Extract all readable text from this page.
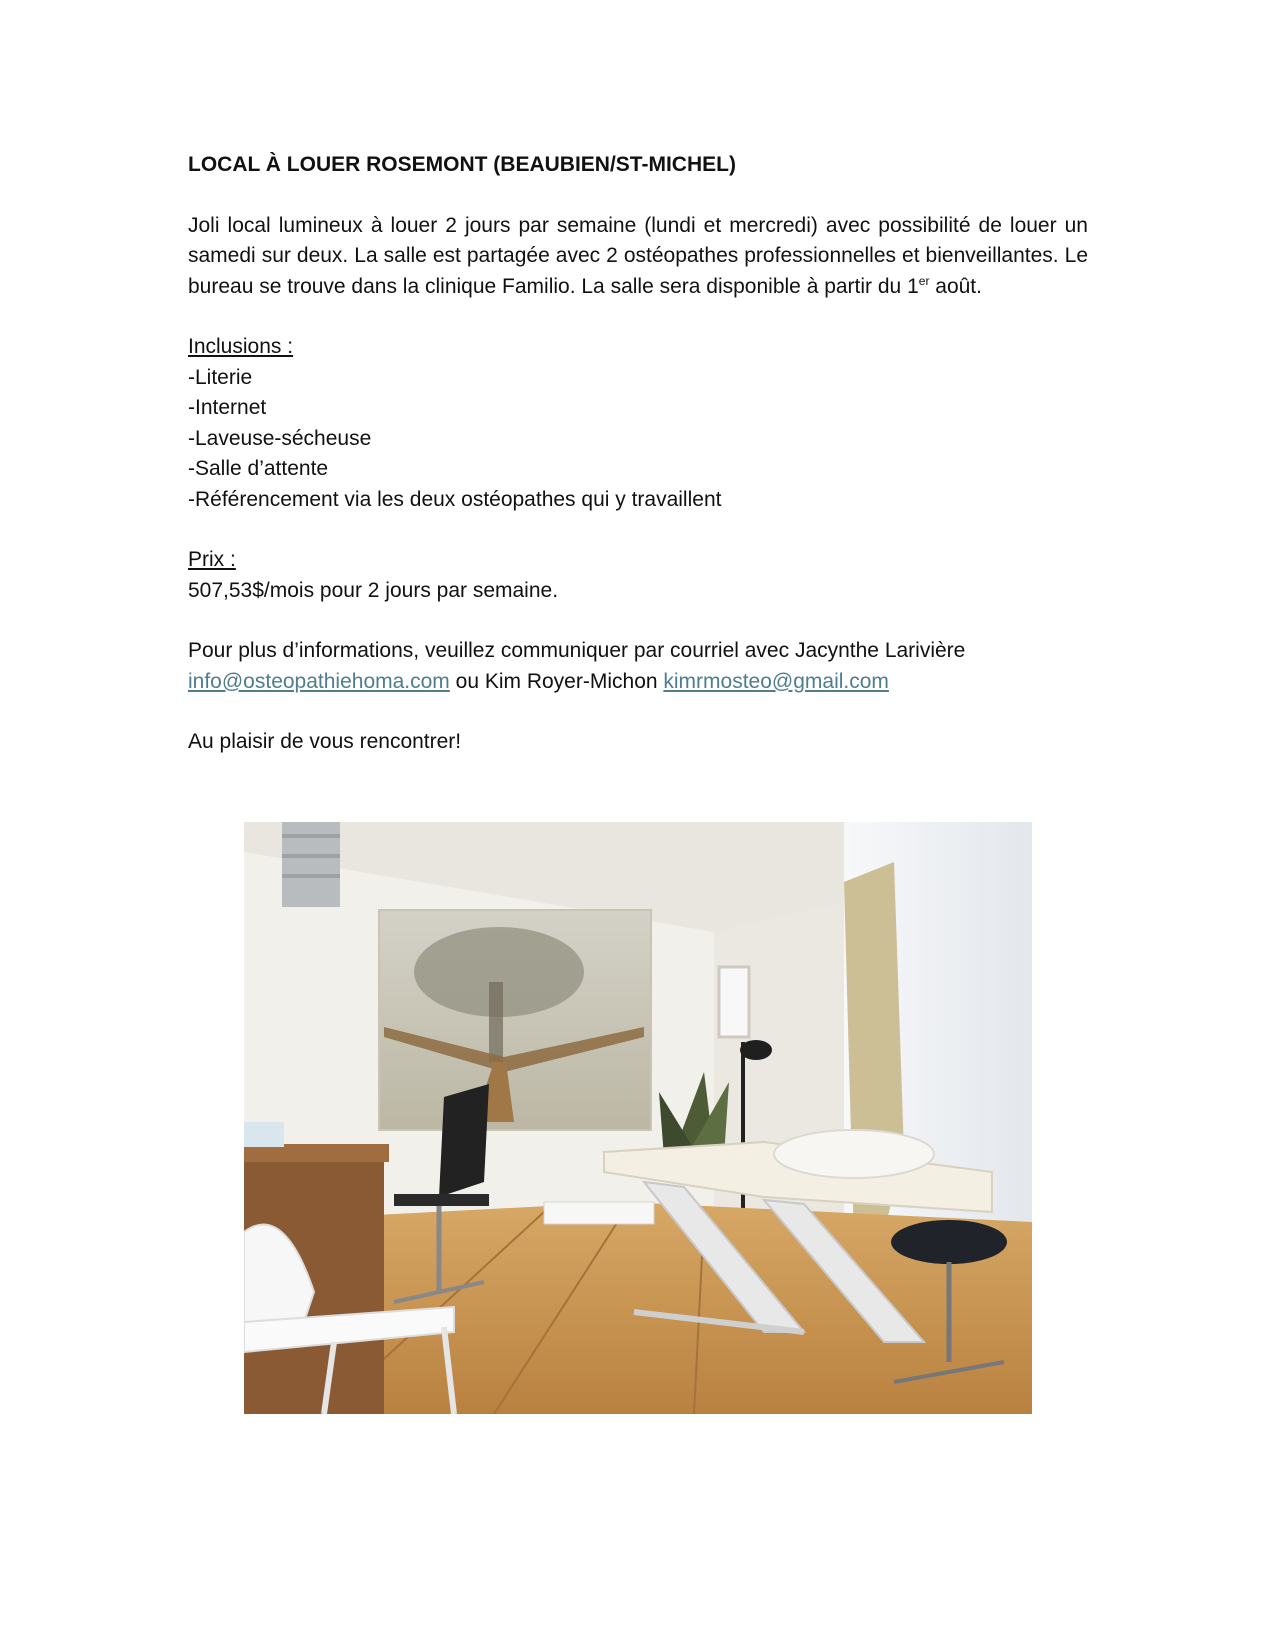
LOCAL À LOUER ROSEMONT (BEAUBIEN/ST-MICHEL)

Joli local lumineux à louer 2 jours par semaine (lundi et mercredi) avec possibilité de louer un samedi sur deux. La salle est partagée avec 2 ostéopathes professionnelles et bienveillantes. Le bureau se trouve dans la clinique Familio. La salle sera disponible à partir du 1er août.

Inclusions :

-Literie
-Internet
-Laveuse-sécheuse
-Salle d’attente
-Référencement via les deux ostéopathes qui y travaillent

Prix :

507,53$/mois pour 2 jours par semaine.

Pour plus d’informations, veuillez communiquer par courriel avec Jacynthe Larivière

info@osteopathiehoma.com ou Kim Royer-Michon kimrmosteo@gmail.com

Au plaisir de vous rencontrer!
